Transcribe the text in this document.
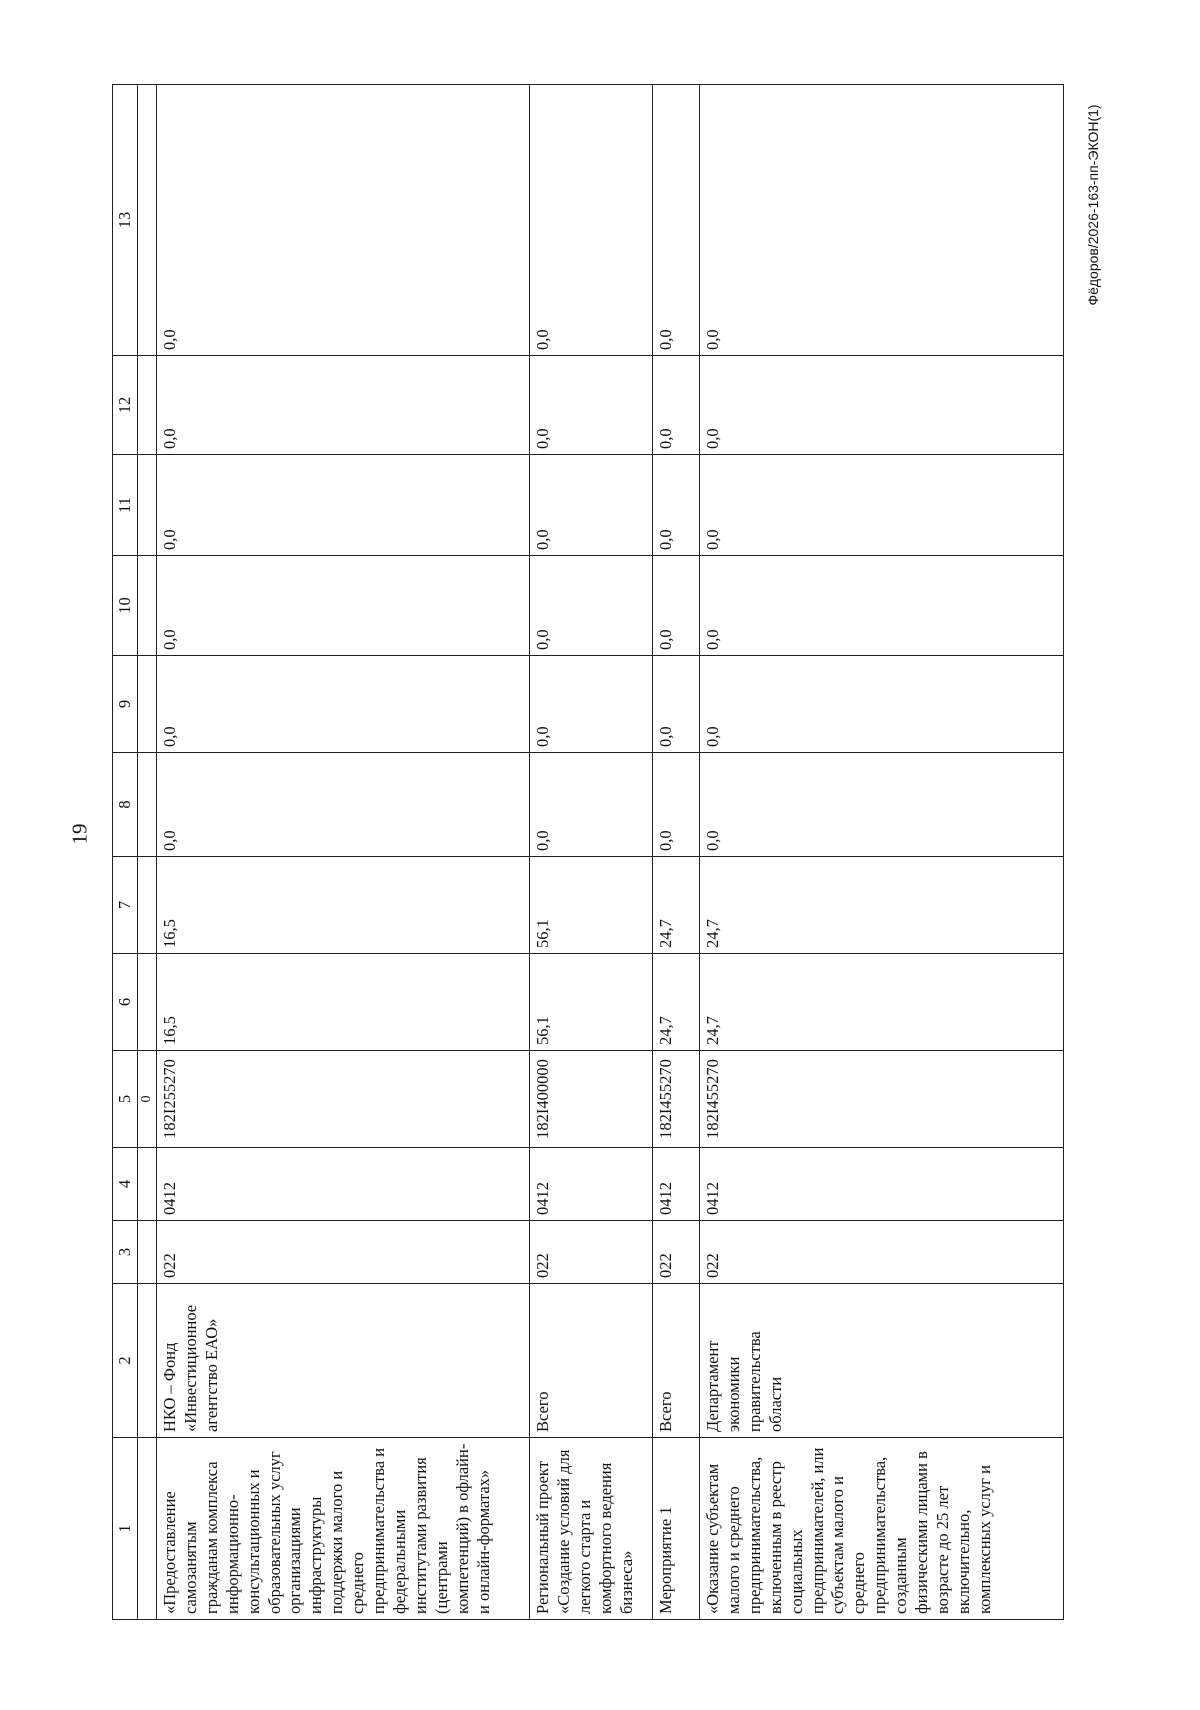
19
Фёдоров/2026-163-пп-ЭКОН(1)
1	2	3	4	5	6	7	8	9	10	11	12	13
				0								
«Предоставление самозанятым гражданам комплекса информационно-консультационных и образовательных услуг организациями инфраструктуры поддержки малого и среднего предпринимательства и федеральными институтами развития (центрами компетенций) в офлайн- и онлайн-форматах»	НКО – Фонд «Инвестиционное агентство ЕАО»	022	0412	182I255270	16,5	16,5	0,0	0,0	0,0	0,0	0,0	0,0
Региональный проект «Создание условий для легкого старта и комфортного ведения бизнеса»	Всего	022	0412	182I400000	56,1	56,1	0,0	0,0	0,0	0,0	0,0	0,0
Мероприятие 1	Всего	022	0412	182I455270	24,7	24,7	0,0	0,0	0,0	0,0	0,0	0,0
«Оказание субъектам малого и среднего предпринимательства, включенным в реестр социальных предпринимателей, или субъектам малого и среднего предпринимательства, созданным физическими лицами в возрасте до 25 лет включительно, комплексных услуг и	Департамент экономики правительства области	022	0412	182I455270	24,7	24,7	0,0	0,0	0,0	0,0	0,0	0,0
